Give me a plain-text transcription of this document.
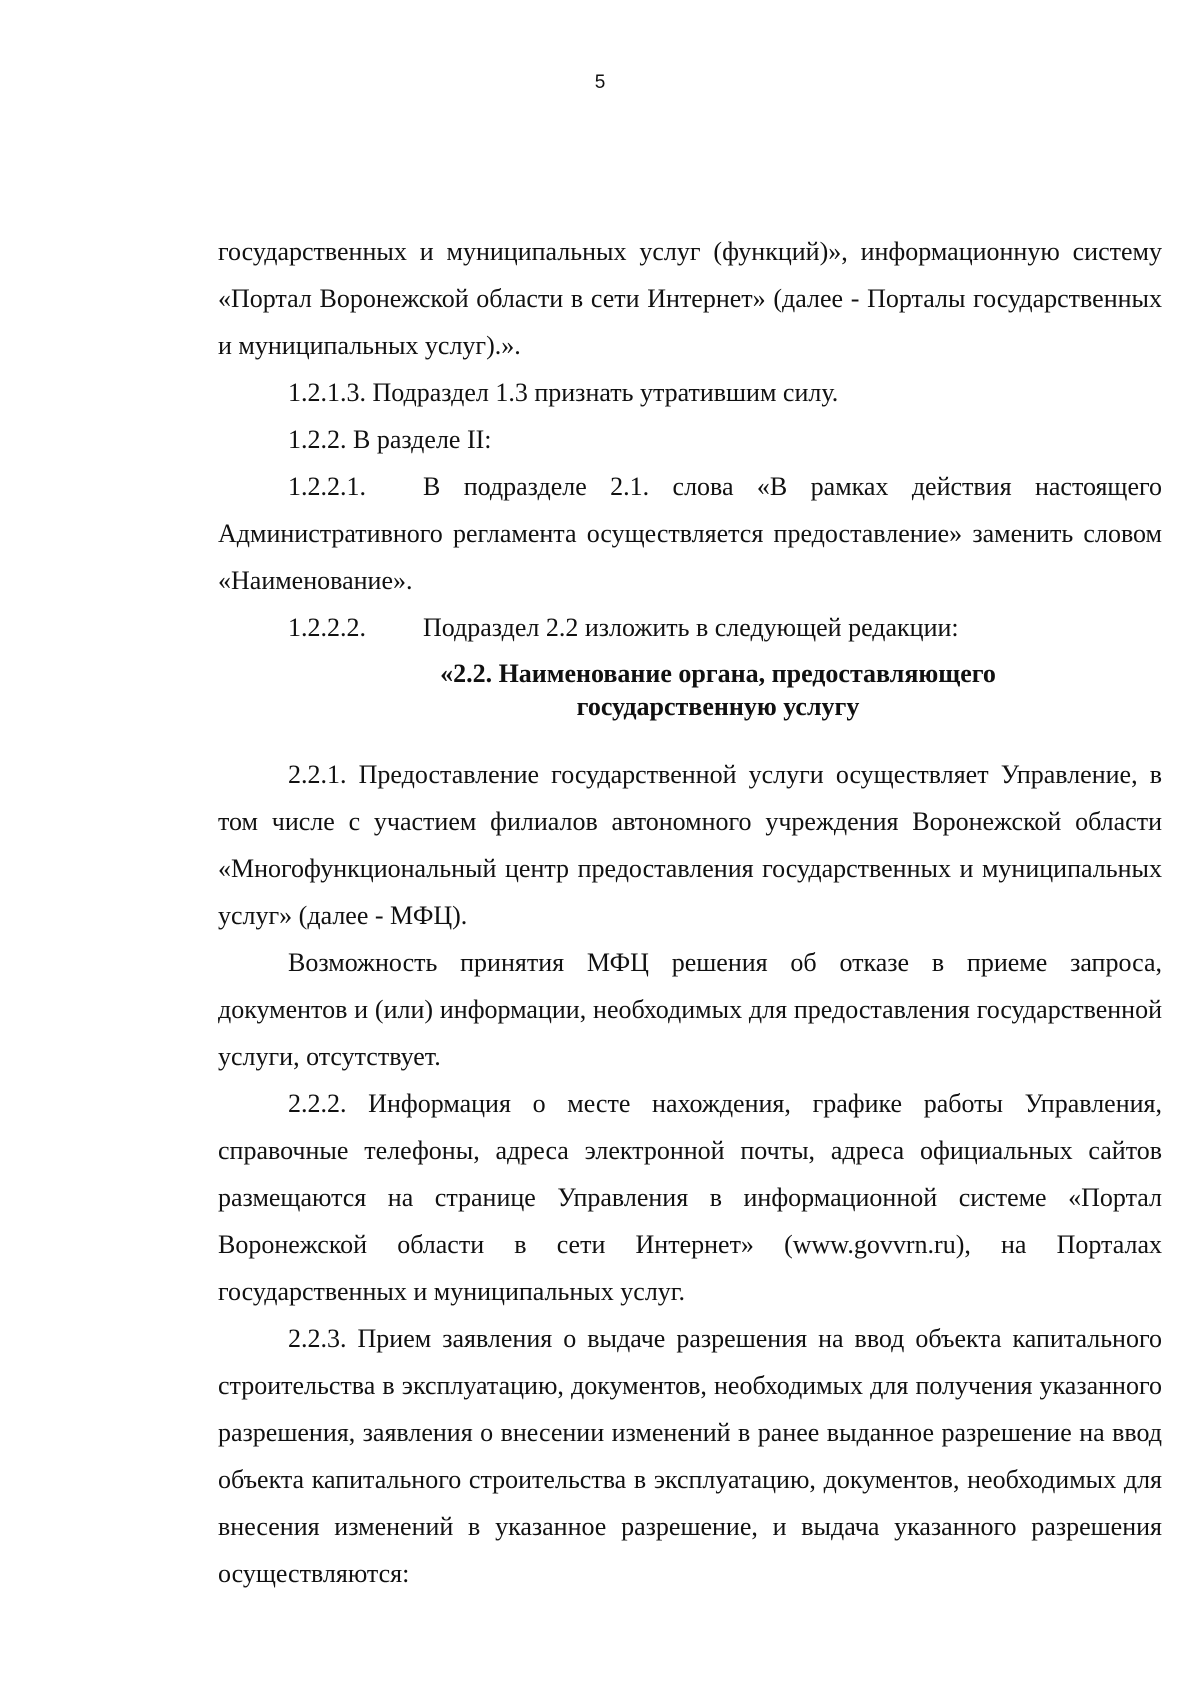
5

государственных и муниципальных услуг (функций)», информационную систему «Портал Воронежской области в сети Интернет» (далее - Порталы государственных и муниципальных услуг).».

1.2.1.3. Подраздел 1.3 признать утратившим силу.

1.2.2. В разделе II:

1.2.2.1. В подразделе 2.1. слова «В рамках действия настоящего Административного регламента осуществляется предоставление» заменить словом «Наименование».

1.2.2.2. Подраздел 2.2 изложить в следующей редакции:

«2.2. Наименование органа, предоставляющего
государственную услугу

2.2.1. Предоставление государственной услуги осуществляет Управление, в том числе с участием филиалов автономного учреждения Воронежской области «Многофункциональный центр предоставления государственных и муниципальных услуг» (далее - МФЦ).

Возможность принятия МФЦ решения об отказе в приеме запроса, документов и (или) информации, необходимых для предоставления государственной услуги, отсутствует.

2.2.2. Информация о месте нахождения, графике работы Управления, справочные телефоны, адреса электронной почты, адреса официальных сайтов размещаются на странице Управления в информационной системе «Портал Воронежской области в сети Интернет» (www.govvrn.ru), на Порталах государственных и муниципальных услуг.

2.2.3. Прием заявления о выдаче разрешения на ввод объекта капитального строительства в эксплуатацию, документов, необходимых для получения указанного разрешения, заявления о внесении изменений в ранее выданное разрешение на ввод объекта капитального строительства в эксплуатацию, документов, необходимых для внесения изменений в указанное разрешение, и выдача указанного разрешения осуществляются:
